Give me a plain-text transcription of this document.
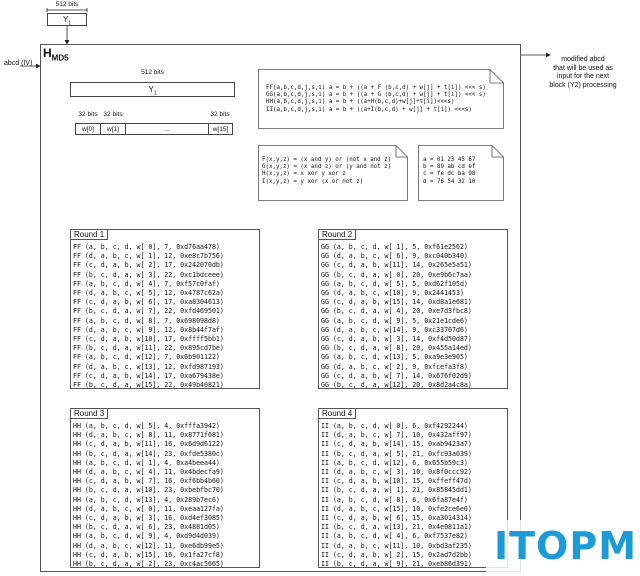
512 bits
$Y_1$
abcd (IV)
$H_{MD5}$	modified abcd
that will be used as
input for the next
block (Y2) processing
512 bits
$Y_1$
32 bits 32 bits	32 bits
w[0]	w[1]	...	w[15]
FF(a,b,c,d,j,s,i) a = b + ((a + F (b,c,d) + w[j] + t[i]) <<< s)
GG(a,b,c,d,j,s,i) a = b + ((a + G (b,c,d) + w[j] + t[i]) <<< s)
HH(a,b,c,d,j,s,i) a = b + ((a+H(b,c,d)+w[j]+t[i])<<<s)
II(a,b,c,d,j,s,i) a = b + ((a+I(b,c,d) + w[j] + t[i]) <<<s)
F(x,y,z) = (x and y) or (not x and z)
G(x,y,z) = (x and z) or (y and not z)
H(x,y,z) = x xor y xor z
I(x,y,z) = y xor (x or not z)
a = 01 23 45 67
b = 89 ab cd ef
c = fe dc ba 98
d = 76 54 32 10
Round 1
FF (a, b, c, d, w[ 0], 7, 0xd76aa478)
FF (d, a, b, c, w[ 1], 12, 0xe8c7b756)
FF (c, d, a, b, w[ 2], 17, 0x242070db)
FF (b, c, d, a, w[ 3], 22, 0xc1bdceee)
FF (a, b, c, d, w[ 4], 7, 0xf57c0faf)
FF (d, a, b, c, w[ 5], 12, 0x4787c62a)
FF (c, d, a, b, w[ 6], 17, 0xa8304613)
FF (b, c, d, a, w[ 7], 22, 0xfd469501)
FF (a, b, c, d, w[ 8], 7, 0x698098d8)
FF (d, a, b, c, w[ 9], 12, 0x8b44f7af)
FF (c, d, a, b, w[10], 17, 0xffff5bb1)
FF (b, c, d, a, w[11], 22, 0x895cd7be)
FF (a, b, c, d, w[12], 7, 0x6b901122)
FF (d, a, b, c, w[13], 12, 0xfd987193)
FF (c, d, a, b, w[14], 17, 0xa679438e)
FF (b, c, d, a, w[15], 22, 0x49b40821)
Round 2
GG (a, b, c, d, w[ 1], 5, 0xf61e2562)
GG (d, a, b, c, w[ 6], 9, 0xc040b340)
GG (c, d, a, b, w[11], 14, 0x265e5a51)
GG (b, c, d, a, w[ 0], 20, 0xe9b6c7aa)
GG (a, b, c, d, w[ 5], 5, 0xd62f105d)
GG (d, a, b, c, w[10], 9, 0x2441453)
GG (c, d, a, b, w[15], 14, 0xd8a1e681)
GG (b, c, d, a, w[ 4], 20, 0xe7d3fbc8)
GG (a, b, c, d, w[ 9], 5, 0x21e1cde6)
GG (d, a, b, c, w[14], 9, 0xc33707d6)
GG (c, d, a, b, w[ 3], 14, 0xf4d50d87)
GG (b, c, d, a, w[ 8], 20, 0x455a14ed)
GG (a, b, c, d, w[13], 5, 0xa9e3e905)
GG (d, a, b, c, w[ 2], 9, 0xfcefa3f8)
GG (c, d, a, b, w[ 7], 14, 0x676f02d9)
GG (b, c, d, a, w[12], 20, 0x8d2a4c8a)
Round 3
HH (a, b, c, d, w[ 5], 4, 0xfffa3942)
HH (d, a, b, c, w[ 8], 11, 0x8771f681)
HH (c, d, a, b, w[11], 16, 0x6d9d6122)
HH (b, c, d, a, w[14], 23, 0xfde5380c)
HH (a, b, c, d, w[ 1], 4, 0xa4beea44)
HH (d, a, b, c, w[ 4], 11, 0x4bdecfa9)
HH (c, d, a, b, w[ 7], 16, 0xf6bb4b60)
HH (b, c, d, a, w[10], 23, 0xbebfbc70)
HH (a, b, c, d, w[13], 4, 0x289b7ec6)
HH (d, a, b, c, w[ 0], 11, 0xeaa127fa)
HH (c, d, a, b, w[ 3], 16, 0xd4ef3085)
HH (b, c, d, a, w[ 6], 23, 0x4881d05)
HH (a, b, c, d, w[ 9], 4, 0xd9d4d039)
HH (d, a, b, c, w[12], 11, 0xe6db99e5)
HH (c, d, a, b, w[15], 16, 0x1fa27cf8)
HH (b, c, d, a, w[ 2], 23, 0xc4ac5665)
Round 4
II (a, b, c, d, w[ 0], 6, 0xf4292244)
II (d, a, b, c, w[ 7], 10, 0x432aff97)
II (c, d, a, b, w[14], 15, 0xab9423a7)
II (b, c, d, a, w[ 5], 21, 0xfc93a039)
II (a, b, c, d, w[12], 6, 0x655b59c3)
II (d, a, b, c, w[ 3], 10, 0x8f0ccc92)
II (c, d, a, b, w[10], 15, 0xffeff47d)
II (b, c, d, a, w[ 1], 21, 0x85845dd1)
II (a, b, c, d, w[ 8], 6, 0x6fa87e4f)
II (d, a, b, c, w[15], 10, 0xfe2ce6e0)
II (c, d, a, b, w[ 6], 15, 0xa3014314)
II (b, c, d, a, w[13], 21, 0x4e0811a1)
II (a, b, c, d, w[ 4], 6, 0xf7537e82)
II (d, a, b, c, w[11], 10, 0xbd3af235)
II (c, d, a, b, w[ 2], 15, 0x2ad7d2bb)
II (b, c, d, a, w[ 9], 21, 0xeb86d391) ITOPM
